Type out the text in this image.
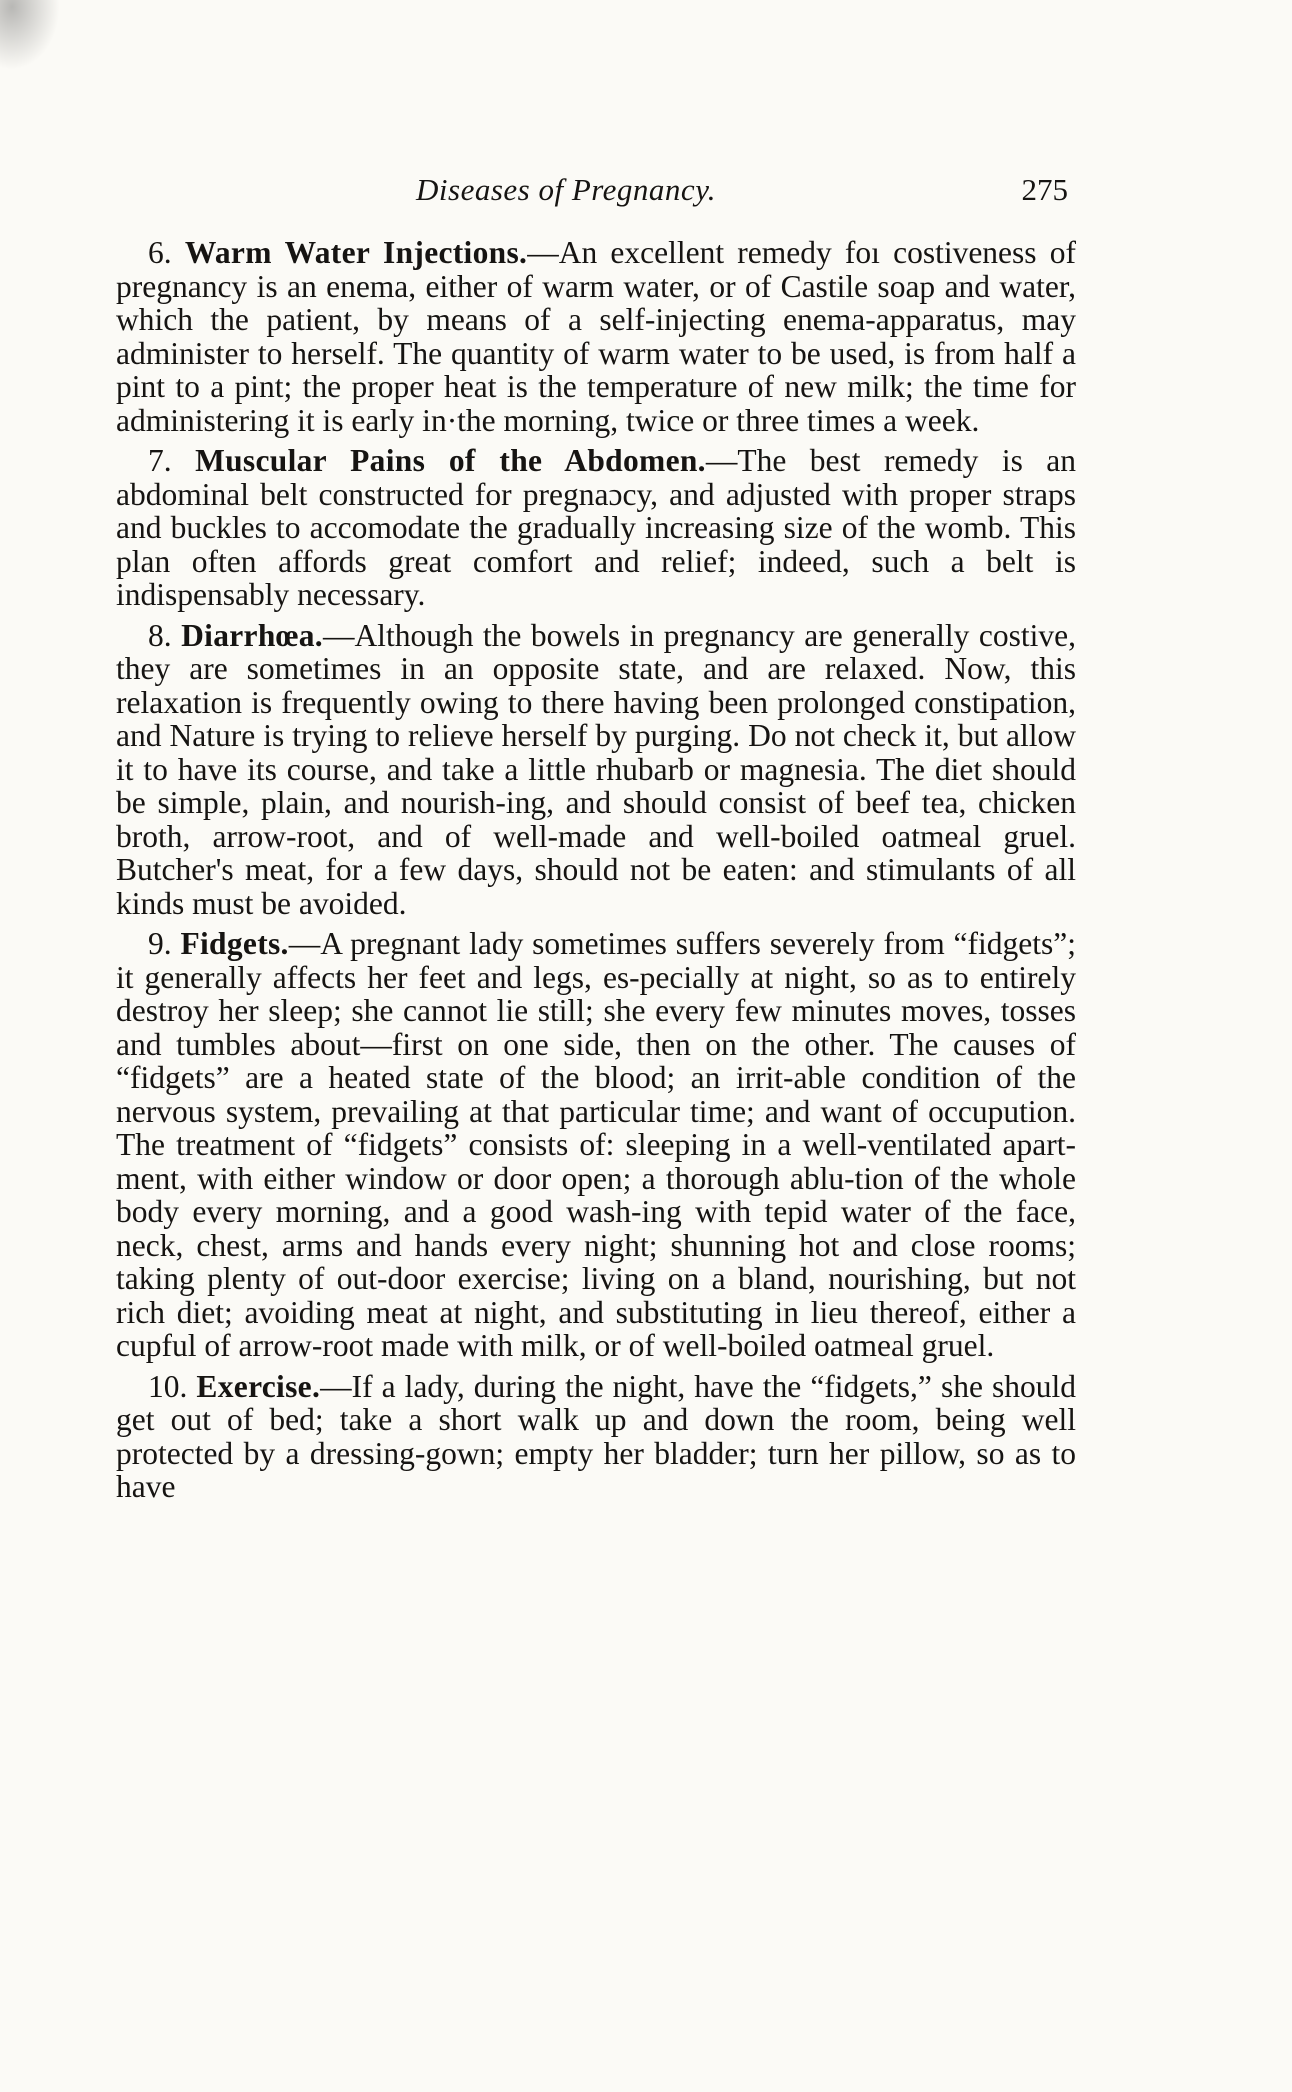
Diseases of Pregnancy.	275

6. Warm Water Injections.—An excellent remedy foı costiveness of pregnancy is an enema, either of warm water, or of Castile soap and water, which the patient, by means of a self-injecting enema-apparatus, may administer to herself. The quantity of warm water to be used, is from half a pint to a pint; the proper heat is the temperature of new milk; the time for administering it is early in·the morning, twice or three times a week.

7. Muscular Pains of the Abdomen.—The best remedy is an abdominal belt constructed for pregnaɔcy, and adjusted with proper straps and buckles to accomodate the gradually increasing size of the womb. This plan often affords great comfort and relief; indeed, such a belt is indispensably necessary.

8. Diarrhœa.—Although the bowels in pregnancy are generally costive, they are sometimes in an opposite state, and are relaxed. Now, this relaxation is frequently owing to there having been prolonged constipation, and Nature is trying to relieve herself by purging. Do not check it, but allow it to have its course, and take a little rhubarb or magnesia. The diet should be simple, plain, and nourish-ing, and should consist of beef tea, chicken broth, arrow-root, and of well-made and well-boiled oatmeal gruel. Butcher's meat, for a few days, should not be eaten: and stimulants of all kinds must be avoided.

9. Fidgets.—A pregnant lady sometimes suffers severely from “fidgets”; it generally affects her feet and legs, es-pecially at night, so as to entirely destroy her sleep; she cannot lie still; she every few minutes moves, tosses and tumbles about—first on one side, then on the other. The causes of “fidgets” are a heated state of the blood; an irrit-able condition of the nervous system, prevailing at that particular time; and want of occupution. The treatment of “fidgets” consists of: sleeping in a well-ventilated apart-ment, with either window or door open; a thorough ablu-tion of the whole body every morning, and a good wash-ing with tepid water of the face, neck, chest, arms and hands every night; shunning hot and close rooms; taking plenty of out-door exercise; living on a bland, nourishing, but not rich diet; avoiding meat at night, and substituting in lieu thereof, either a cupful of arrow-root made with milk, or of well-boiled oatmeal gruel.

10. Exercise.—If a lady, during the night, have the “fidgets,” she should get out of bed; take a short walk up and down the room, being well protected by a dressing-gown; empty her bladder; turn her pillow, so as to have
